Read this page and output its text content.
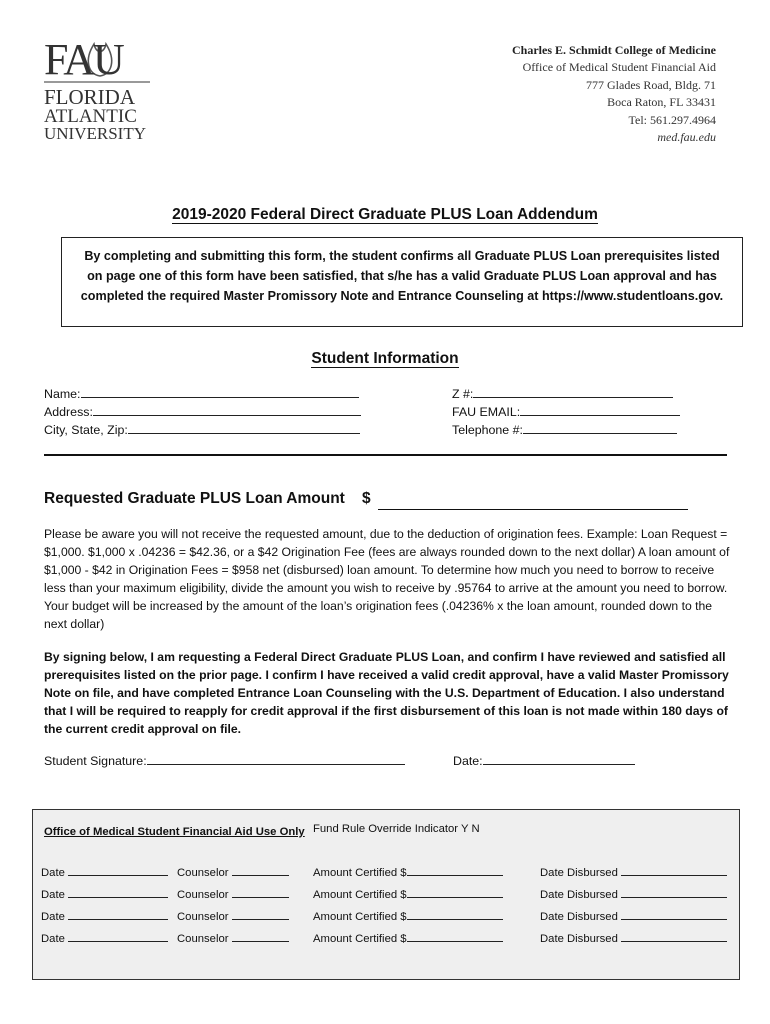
FAU
FLORIDA
ATLANTIC
UNIVERSITY
Charles E. Schmidt College of Medicine
Office of Medical Student Financial Aid
777 Glades Road, Bldg. 71
Boca Raton, FL 33431
Tel: 561.297.4964
med.fau.edu
2019-2020 Federal Direct Graduate PLUS Loan Addendum
By completing and submitting this form, the student confirms all Graduate PLUS Loan prerequisites listed on page one of this form have been satisfied, that s/he has a valid Graduate PLUS Loan approval and has completed the required Master Promissory Note and Entrance Counseling at https://www.studentloans.gov.
Student Information
Name:
Address:
City, State, Zip:
Z #:
FAU EMAIL:
Telephone #:
Requested Graduate PLUS Loan Amount $
Please be aware you will not receive the requested amount, due to the deduction of origination fees. Example: Loan Request = $1,000. $1,000 x .04236 = $42.36, or a $42 Origination Fee (fees are always rounded down to the next dollar) A loan amount of $1,000 - $42 in Origination Fees = $958 net (disbursed) loan amount. To determine how much you need to borrow to receive less than your maximum eligibility, divide the amount you wish to receive by .95764 to arrive at the amount you need to borrow. Your budget will be increased by the amount of the loan’s origination fees (.04236% x the loan amount, rounded down to the next dollar)
By signing below, I am requesting a Federal Direct Graduate PLUS Loan, and confirm I have reviewed and satisfied all prerequisites listed on the prior page. I confirm I have received a valid credit approval, have a valid Master Promissory Note on file, and have completed Entrance Loan Counseling with the U.S. Department of Education. I also understand that I will be required to reapply for credit approval if the first disbursement of this loan is not made within 180 days of the current credit approval on file.
Student Signature:	Date:
Office of Medical Student Financial Aid Use Only Fund Rule Override Indicator Y N
Date	Counselor	Amount Certified $	Date Disbursed
Date	Counselor	Amount Certified $	Date Disbursed
Date	Counselor	Amount Certified $	Date Disbursed
Date	Counselor	Amount Certified $	Date Disbursed
